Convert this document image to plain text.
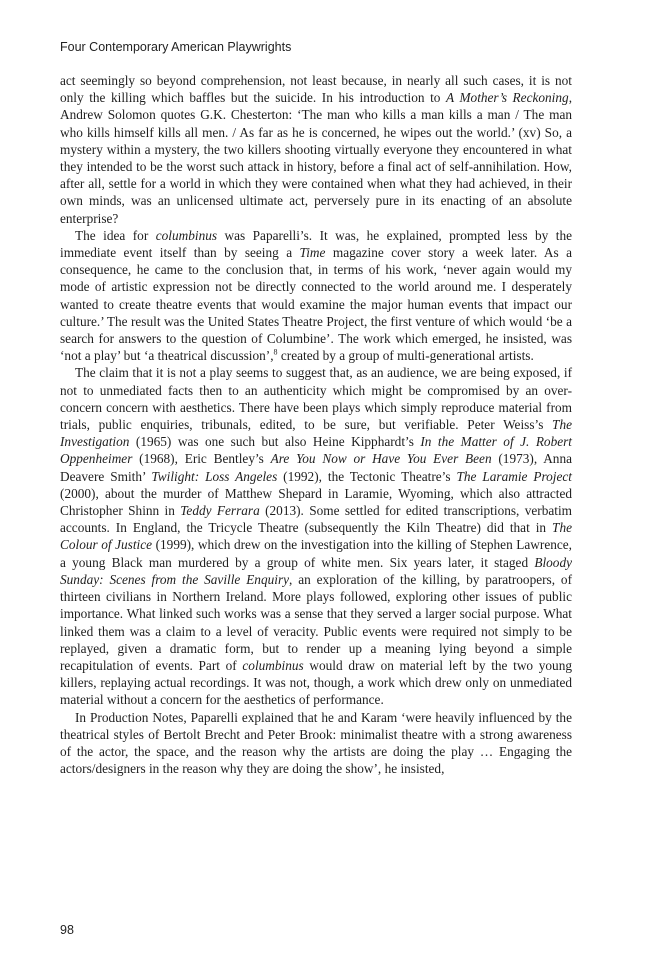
Four Contemporary American Playwrights

act seemingly so beyond comprehension, not least because, in nearly all such cases, it is not only the killing which baffles but the suicide. In his introduction to A Mother’s Reckoning, Andrew Solomon quotes G.K. Chesterton: ‘The man who kills a man kills a man / The man who kills himself kills all men. / As far as he is concerned, he wipes out the world.’ (xv) So, a mystery within a mystery, the two killers shooting virtually everyone they encountered in what they intended to be the worst such attack in history, before a final act of self-annihilation. How, after all, settle for a world in which they were contained when what they had achieved, in their own minds, was an unlicensed ultimate act, perversely pure in its enacting of an absolute enterprise?

The idea for columbinus was Paparelli’s. It was, he explained, prompted less by the immediate event itself than by seeing a Time magazine cover story a week later. As a consequence, he came to the conclusion that, in terms of his work, ‘never again would my mode of artistic expression not be directly connected to the world around me. I desperately wanted to create theatre events that would examine the major human events that impact our culture.’ The result was the United States Theatre Project, the first venture of which would ‘be a search for answers to the question of Columbine’. The work which emerged, he insisted, was ‘not a play’ but ‘a theatrical discussion’,$^8$ created by a group of multi-generational artists.

The claim that it is not a play seems to suggest that, as an audience, we are being exposed, if not to unmediated facts then to an authenticity which might be compromised by an over-concern concern with aesthetics. There have been plays which simply reproduce material from trials, public enquiries, tribunals, edited, to be sure, but verifiable. Peter Weiss’s The Investigation (1965) was one such but also Heine Kipphardt’s In the Matter of J. Robert Oppenheimer (1968), Eric Bentley’s Are You Now or Have You Ever Been (1973), Anna Deavere Smith’ Twilight: Loss Angeles (1992), the Tectonic Theatre’s The Laramie Project (2000), about the murder of Matthew Shepard in Laramie, Wyoming, which also attracted Christopher Shinn in Teddy Ferrara (2013). Some settled for edited transcriptions, verbatim accounts. In England, the Tricycle Theatre (subsequently the Kiln Theatre) did that in The Colour of Justice (1999), which drew on the investigation into the killing of Stephen Lawrence, a young Black man murdered by a group of white men. Six years later, it staged Bloody Sunday: Scenes from the Saville Enquiry, an exploration of the killing, by paratroopers, of thirteen civilians in Northern Ireland. More plays followed, exploring other issues of public importance. What linked such works was a sense that they served a larger social purpose. What linked them was a claim to a level of veracity. Public events were required not simply to be replayed, given a dramatic form, but to render up a meaning lying beyond a simple recapitulation of events. Part of columbinus would draw on material left by the two young killers, replaying actual recordings. It was not, though, a work which drew only on unmediated material without a concern for the aesthetics of performance.

In Production Notes, Paparelli explained that he and Karam ‘were heavily influenced by the theatrical styles of Bertolt Brecht and Peter Brook: minimalist theatre with a strong awareness of the actor, the space, and the reason why the artists are doing the play … Engaging the actors/designers in the reason why they are doing the show’, he insisted,

98
